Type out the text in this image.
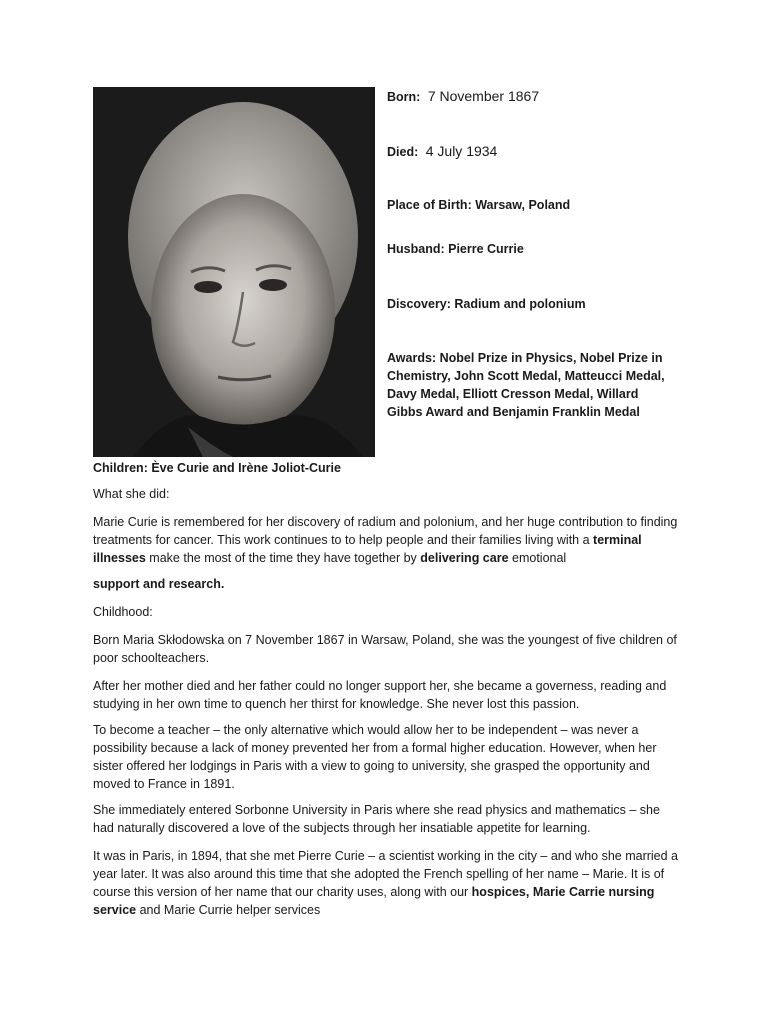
Born: 7 November 1867
Died: 4 July 1934
Place of Birth: Warsaw, Poland
Husband: Pierre Currie
Discovery: Radium and polonium
Awards: Nobel Prize in Physics, Nobel Prize in Chemistry, John Scott Medal, Matteucci Medal, Davy Medal, Elliott Cresson Medal, Willard Gibbs Award and Benjamin Franklin Medal
Children: Ève Curie and Irène Joliot-Curie
What she did:
Marie Curie is remembered for her discovery of radium and polonium, and her huge contribution to finding treatments for cancer. This work continues to to help people and their families living with a terminal illnesses make the most of the time they have together by delivering care emotional
support and research.
Childhood:
Born Maria Skłodowska on 7 November 1867 in Warsaw, Poland, she was the youngest of five children of poor schoolteachers.
After her mother died and her father could no longer support her, she became a governess, reading and studying in her own time to quench her thirst for knowledge. She never lost this passion.
To become a teacher – the only alternative which would allow her to be independent – was never a possibility because a lack of money prevented her from a formal higher education. However, when her sister offered her lodgings in Paris with a view to going to university, she grasped the opportunity and moved to France in 1891.
She immediately entered Sorbonne University in Paris where she read physics and mathematics – she had naturally discovered a love of the subjects through her insatiable appetite for learning.
It was in Paris, in 1894, that she met Pierre Curie – a scientist working in the city – and who she married a year later. It was also around this time that she adopted the French spelling of her name – Marie. It is of course this version of her name that our charity uses, along with our hospices, Marie Carrie nursing service and Marie Currie helper services
